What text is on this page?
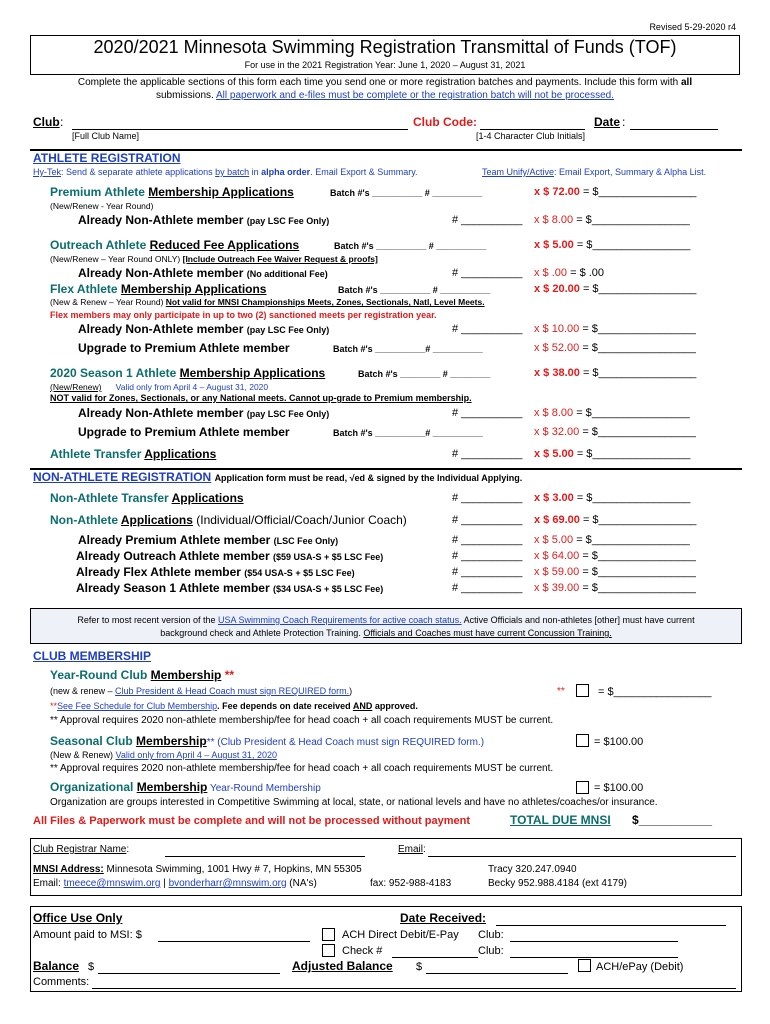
Revised 5-29-2020 r4
2020/2021 Minnesota Swimming Registration Transmittal of Funds (TOF)
For use in the 2021 Registration Year: June 1, 2020 – August 31, 2021
Complete the applicable sections of this form each time you send one or more registration batches and payments. Include this form with all
submissions. All paperwork and e-files must be complete or the registration batch will not be processed.
Club :
[Full Club Name]
Club Code:
[1-4 Character Club Initials]
Date :
ATHLETE REGISTRATION
Hy-Tek: Send & separate athlete applications by batch in alpha order. Email Export & Summary.	Team Unify/Active: Email Export, Summary & Alpha List.
Premium Athlete Membership Applications	Batch #'s __________ # __________	x $ 72.00 = $________________
(New/Renew - Year Round)
Already Non-Athlete member (pay LSC Fee Only)	# __________ x $ 8.00 = $________________
Outreach Athlete Reduced Fee Applications	Batch #'s __________ # __________	x $ 5.00 = $________________
(New/Renew – Year Round ONLY) [Include Outreach Fee Waiver Request & proofs]
Already Non-Athlete member (No additional Fee)	# __________ x $ .00 = $ .00
Flex Athlete Membership Applications	Batch #'s __________ # __________	x $ 20.00 = $________________
(New & Renew – Year Round) Not valid for MNSI Championships Meets, Zones, Sectionals, Natl, Level Meets.
Flex members may only participate in up to two (2) sanctioned meets per registration year.
Already Non-Athlete member (pay LSC Fee Only)	# __________ x $ 10.00 = $________________
Upgrade to Premium Athlete member	Batch #'s __________# __________	x $ 52.00 = $________________
2020 Season 1 Athlete Membership Applications	Batch #'s ________ # ________	x $ 38.00 = $________________
(New/Renew) Valid only from April 4 – August 31, 2020
NOT valid for Zones, Sectionals, or any National meets. Cannot up-grade to Premium membership.
Already Non-Athlete member (pay LSC Fee Only)	# __________ x $ 8.00 = $________________
Upgrade to Premium Athlete member	Batch #'s __________# __________	x $ 32.00 = $________________
Athlete Transfer Applications	# __________ x $ 5.00 = $________________
NON-ATHLETE REGISTRATION Application form must be read, √ed & signed by the Individual Applying.
Non-Athlete Transfer Applications	# __________ x $ 3.00 = $________________
Non-Athlete Applications (Individual/Official/Coach/Junior Coach)	# __________ x $ 69.00 = $________________
Already Premium Athlete member (LSC Fee Only)	# __________ x $ 5.00 = $________________
Already Outreach Athlete member ($59 USA-S + $5 LSC Fee)	# __________ x $ 64.00 = $________________
Already Flex Athlete member ($54 USA-S + $5 LSC Fee)	# __________ x $ 59.00 = $________________
Already Season 1 Athlete member ($34 USA-S + $5 LSC Fee)	# __________ x $ 39.00 = $________________
Refer to most recent version of the USA Swimming Coach Requirements for active coach status. Active Officials and non-athletes [other] must have current
background check and Athlete Protection Training. Officials and Coaches must have current Concussion Training.
CLUB MEMBERSHIP
Year-Round Club Membership **
(new & renew – Club President & Head Coach must sign REQUIRED form.)	**	= $________________
**See Fee Schedule for Club Membership. Fee depends on date received AND approved.
** Approval requires 2020 non-athlete membership/fee for head coach + all coach requirements MUST be current.
Seasonal Club Membership** (Club President & Head Coach must sign REQUIRED form.)	= $100.00
(New & Renew) Valid only from April 4 – August 31, 2020
** Approval requires 2020 non-athlete membership/fee for head coach + all coach requirements MUST be current.
Organizational Membership Year-Round Membership	= $100.00
Organization are groups interested in Competitive Swimming at local, state, or national levels and have no athletes/coaches/or insurance.
All Files & Paperwork must be complete and will not be processed without payment	TOTAL DUE MNSI $___________
Club Registrar Name:	Email:
MNSI Address: Minnesota Swimming, 1001 Hwy # 7, Hopkins, MN 55305	Tracy 320.247.0940
Email: tmeece@mnswim.org | bvonderharr@mnswim.org (NA's)	fax: 952-988-4183	Becky 952.988.4184 (ext 4179)
Office Use Only	Date Received:
Amount paid to MSI: $	ACH Direct Debit/E-Pay Club:
Check #	Club:
Balance $	Adjusted Balance $	ACH/ePay (Debit)
Comments:
